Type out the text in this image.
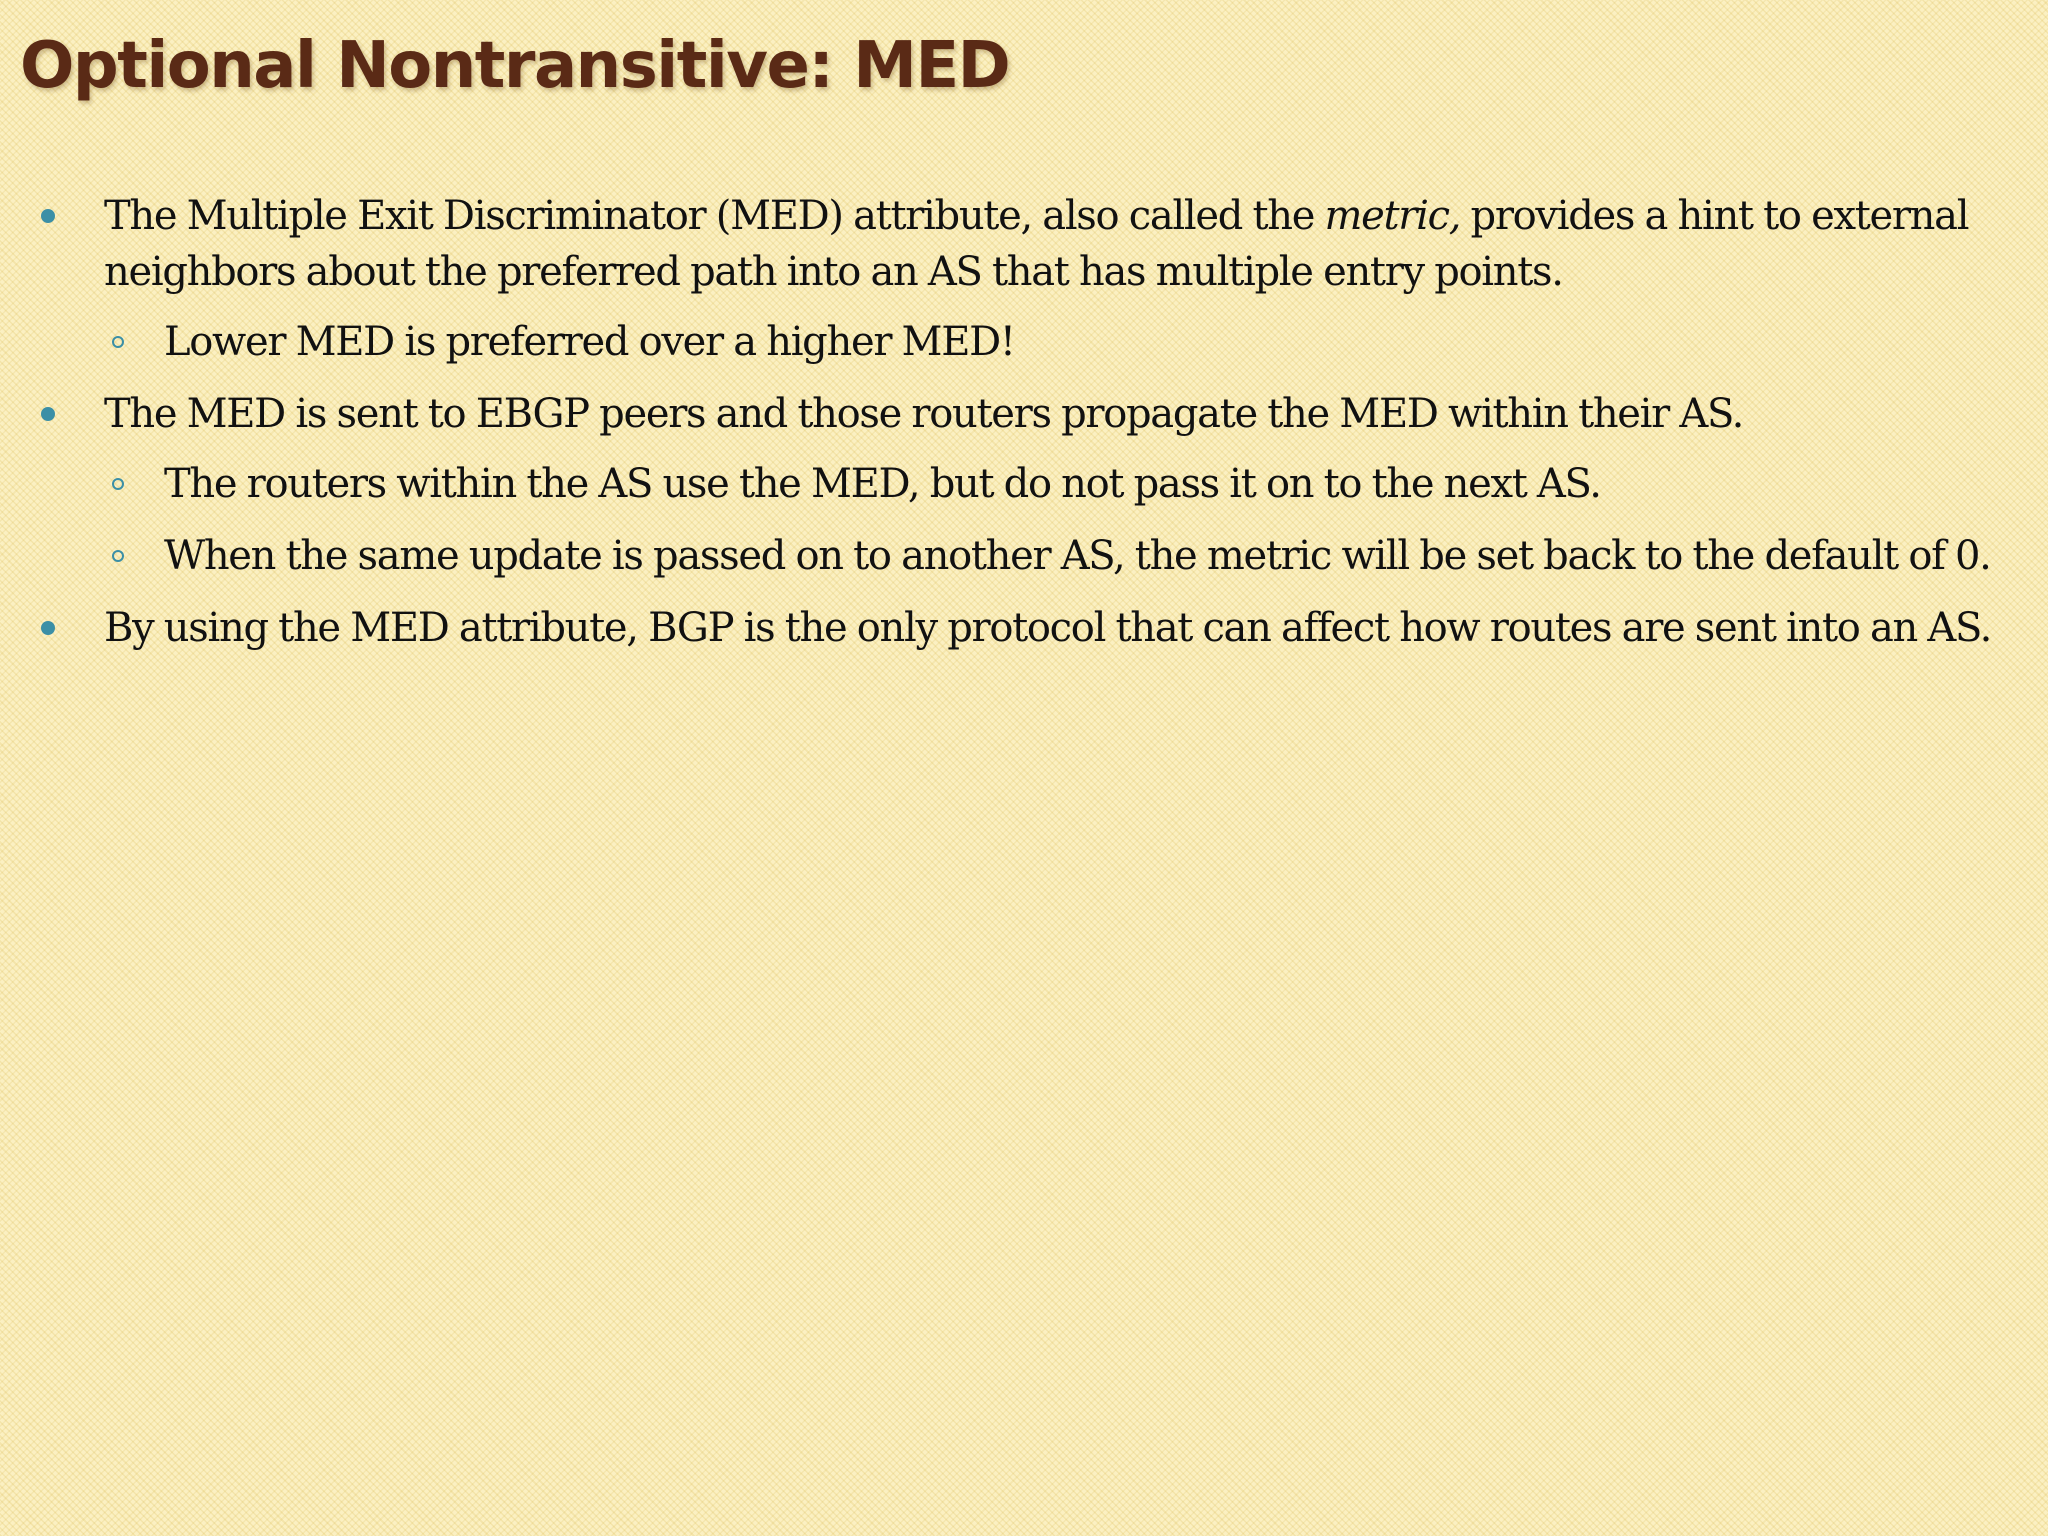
Optional Nontransitive: MED
The Multiple Exit Discriminator (MED) attribute, also called the metric, provides a hint to external
neighbors about the preferred path into an AS that has multiple entry points.
Lower MED is preferred over a higher MED!
The MED is sent to EBGP peers and those routers propagate the MED within their AS.
The routers within the AS use the MED, but do not pass it on to the next AS.
When the same update is passed on to another AS, the metric will be set back to the default of 0.
By using the MED attribute, BGP is the only protocol that can affect how routes are sent into an AS.
